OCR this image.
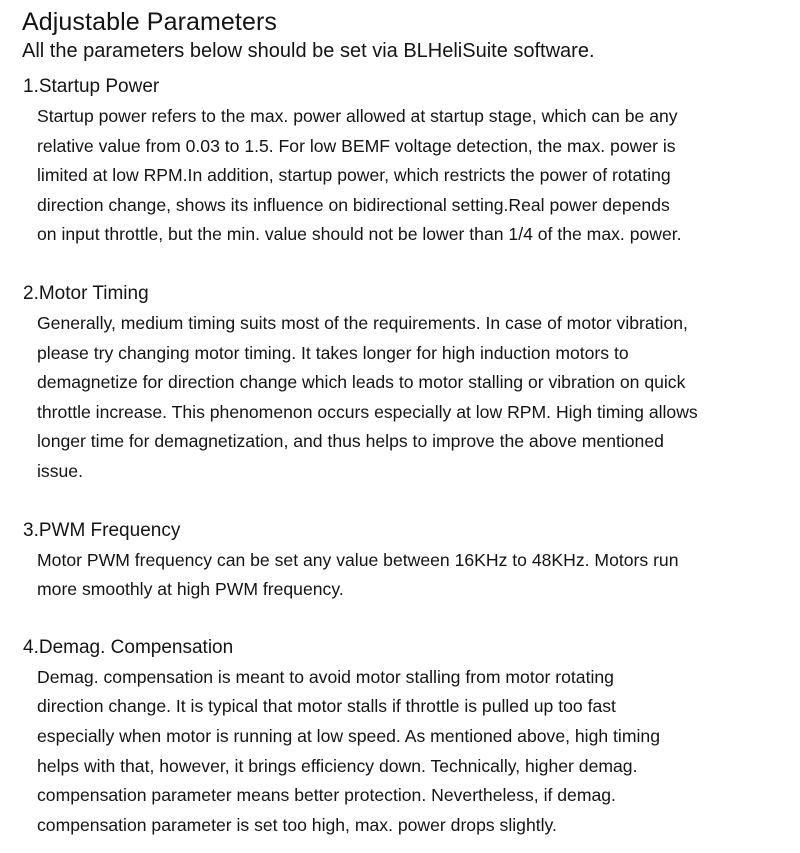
Adjustable Parameters

All the parameters below should be set via BLHeliSuite software.

1.Startup Power

Startup power refers to the max. power allowed at startup stage, which can be any
relative value from 0.03 to 1.5. For low BEMF voltage detection, the max. power is
limited at low RPM.In addition, startup power, which restricts the power of rotating
direction change, shows its influence on bidirectional setting.Real power depends
on input throttle, but the min. value should not be lower than 1/4 of the max. power.

2.Motor Timing

Generally, medium timing suits most of the requirements. In case of motor vibration,
please try changing motor timing. It takes longer for high induction motors to
demagnetize for direction change which leads to motor stalling or vibration on quick
throttle increase. This phenomenon occurs especially at low RPM. High timing allows
longer time for demagnetization, and thus helps to improve the above mentioned
issue.

3.PWM Frequency

Motor PWM frequency can be set any value between 16KHz to 48KHz. Motors run
more smoothly at high PWM frequency.

4.Demag. Compensation

Demag. compensation is meant to avoid motor stalling from motor rotating
direction change. It is typical that motor stalls if throttle is pulled up too fast
especially when motor is running at low speed. As mentioned above, high timing
helps with that, however, it brings efficiency down. Technically, higher demag.
compensation parameter means better protection. Nevertheless, if demag.
compensation parameter is set too high, max. power drops slightly.
